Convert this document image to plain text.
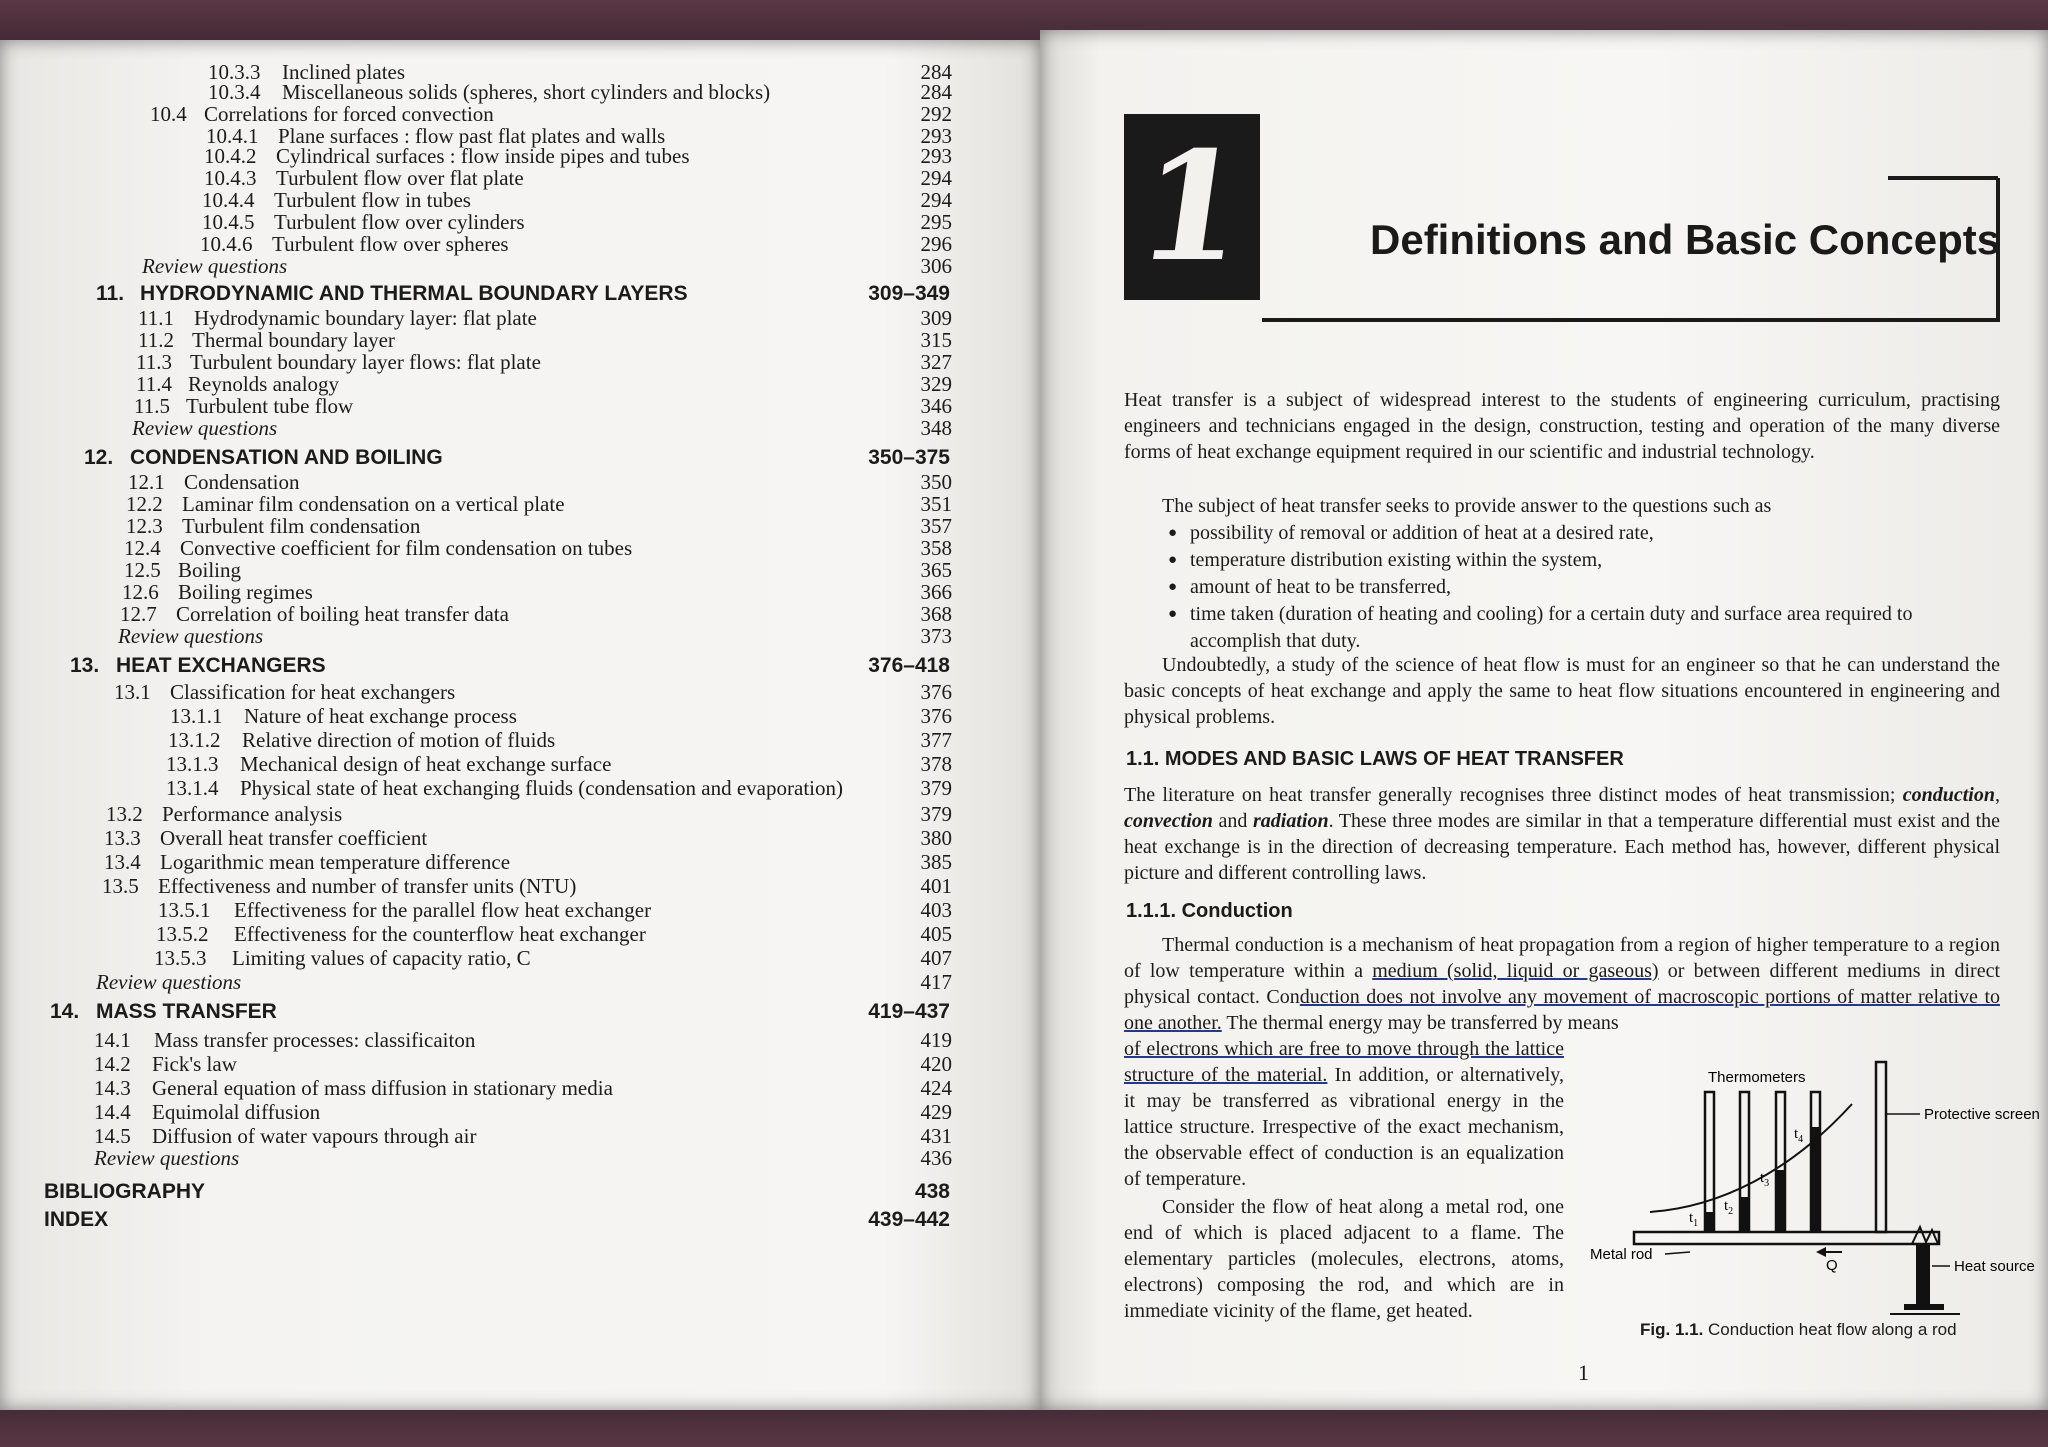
10.3.3 Inclined plates	284
10.3.4 Miscellaneous solids (spheres, short cylinders and blocks)	284
10.4 Correlations for forced convection	292
10.4.1 Plane surfaces : flow past flat plates and walls	293
10.4.2 Cylindrical surfaces : flow inside pipes and tubes	293
10.4.3 Turbulent flow over flat plate	294
10.4.4 Turbulent flow in tubes	294
10.4.5 Turbulent flow over cylinders	295
10.4.6 Turbulent flow over spheres	296
Review questions	306
11. HYDRODYNAMIC AND THERMAL BOUNDARY LAYERS	309–349
11.1 Hydrodynamic boundary layer: flat plate	309
11.2 Thermal boundary layer	315
11.3 Turbulent boundary layer flows: flat plate	327
11.4 Reynolds analogy	329
11.5 Turbulent tube flow	346
Review questions	348
12. CONDENSATION AND BOILING	350–375
12.1 Condensation	350
12.2 Laminar film condensation on a vertical plate	351
12.3 Turbulent film condensation	357
12.4 Convective coefficient for film condensation on tubes	358
12.5 Boiling	365
12.6 Boiling regimes	366
12.7 Correlation of boiling heat transfer data	368
Review questions	373
13. HEAT EXCHANGERS	376–418
13.1 Classification for heat exchangers	376
13.1.1 Nature of heat exchange process	376
13.1.2 Relative direction of motion of fluids	377
13.1.3 Mechanical design of heat exchange surface	378
13.1.4 Physical state of heat exchanging fluids (condensation and evaporation)	379
13.2 Performance analysis	379
13.3 Overall heat transfer coefficient	380
13.4 Logarithmic mean temperature difference	385
13.5 Effectiveness and number of transfer units (NTU)	401
13.5.1 Effectiveness for the parallel flow heat exchanger	403
13.5.2 Effectiveness for the counterflow heat exchanger	405
13.5.3 Limiting values of capacity ratio, C	407
Review questions	417
14. MASS TRANSFER	419–437
14.1 Mass transfer processes: classificaiton	419
14.2 Fick's law	420
14.3 General equation of mass diffusion in stationary media	424
14.4 Equimolal diffusion	429
14.5 Diffusion of water vapours through air	431
Review questions	436
BIBLIOGRAPHY	438
INDEX	439–442
1	Definitions and Basic Concepts
Heat transfer is a subject of widespread interest to the students of engineering curriculum, practising engineers and technicians engaged in the design, construction, testing and operation of the many diverse forms of heat exchange equipment required in our scientific and industrial technology.
The subject of heat transfer seeks to provide answer to the questions such as
● possibility of removal or addition of heat at a desired rate,
● temperature distribution existing within the system,
● amount of heat to be transferred,
● time taken (duration of heating and cooling) for a certain duty and surface area required to accomplish that duty.
Undoubtedly, a study of the science of heat flow is must for an engineer so that he can understand the basic concepts of heat exchange and apply the same to heat flow situations encountered in engineering and physical problems.
1.1. MODES AND BASIC LAWS OF HEAT TRANSFER
The literature on heat transfer generally recognises three distinct modes of heat transmission; conduction, convection and radiation. These three modes are similar in that a temperature differential must exist and the heat exchange is in the direction of decreasing temperature. Each method has, however, different physical picture and different controlling laws.
1.1.1. Conduction
Thermal conduction is a mechanism of heat propagation from a region of higher temperature to a region of low temperature within a medium (solid, liquid or gaseous) or between different mediums in direct physical contact. Conduction does not involve any movement of macroscopic portions of matter relative to one another. The thermal energy may be transferred by means
of electrons which are free to move through the lattice structure of the material. In addition, or alternatively, it may be transferred as vibrational energy in the lattice structure. Irrespective of the exact mechanism, the observable effect of conduction is an equalization of temperature.
Consider the flow of heat along a metal rod, one end of which is placed adjacent to a flame. The elementary particles (molecules, electrons, atoms, electrons) composing the rod, and which are in immediate vicinity of the flame, get heated.
Thermometers
Protective screen
Metal rod
Heat source
Q
$t_1$
$t_2$
$t_3$
$t_4$
Fig. 1.1. Conduction heat flow along a rod
1
